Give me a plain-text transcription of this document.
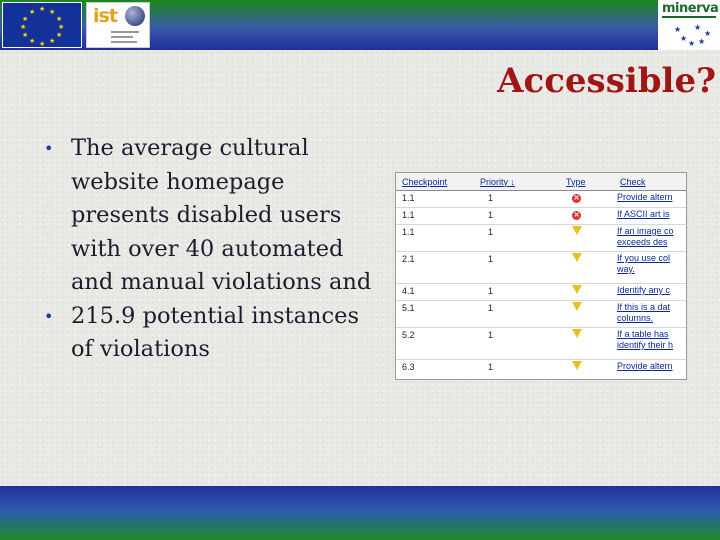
★ ★
★
★
★
★
★
★
★
★
★
★	ist	minerva
★
★
★ ★
★
★
Accessible?
• The average cultural website homepage presents disabled users with over 40 automated and manual violations and
• 215.9 potential instances of violations
Checkpoint	Priority ↓	Type	Check
1.1	1	✕	Provide altern

1.1	1	✕	If ASCII art is

1.1	1		If an image co
exceeds des

2.1	1		If you use col
way.

4.1	1		Identify any c

5.1	1		If this is a dat
columns.

5.2	1		If a table has
identify their h

6.3	1		Provide altern
